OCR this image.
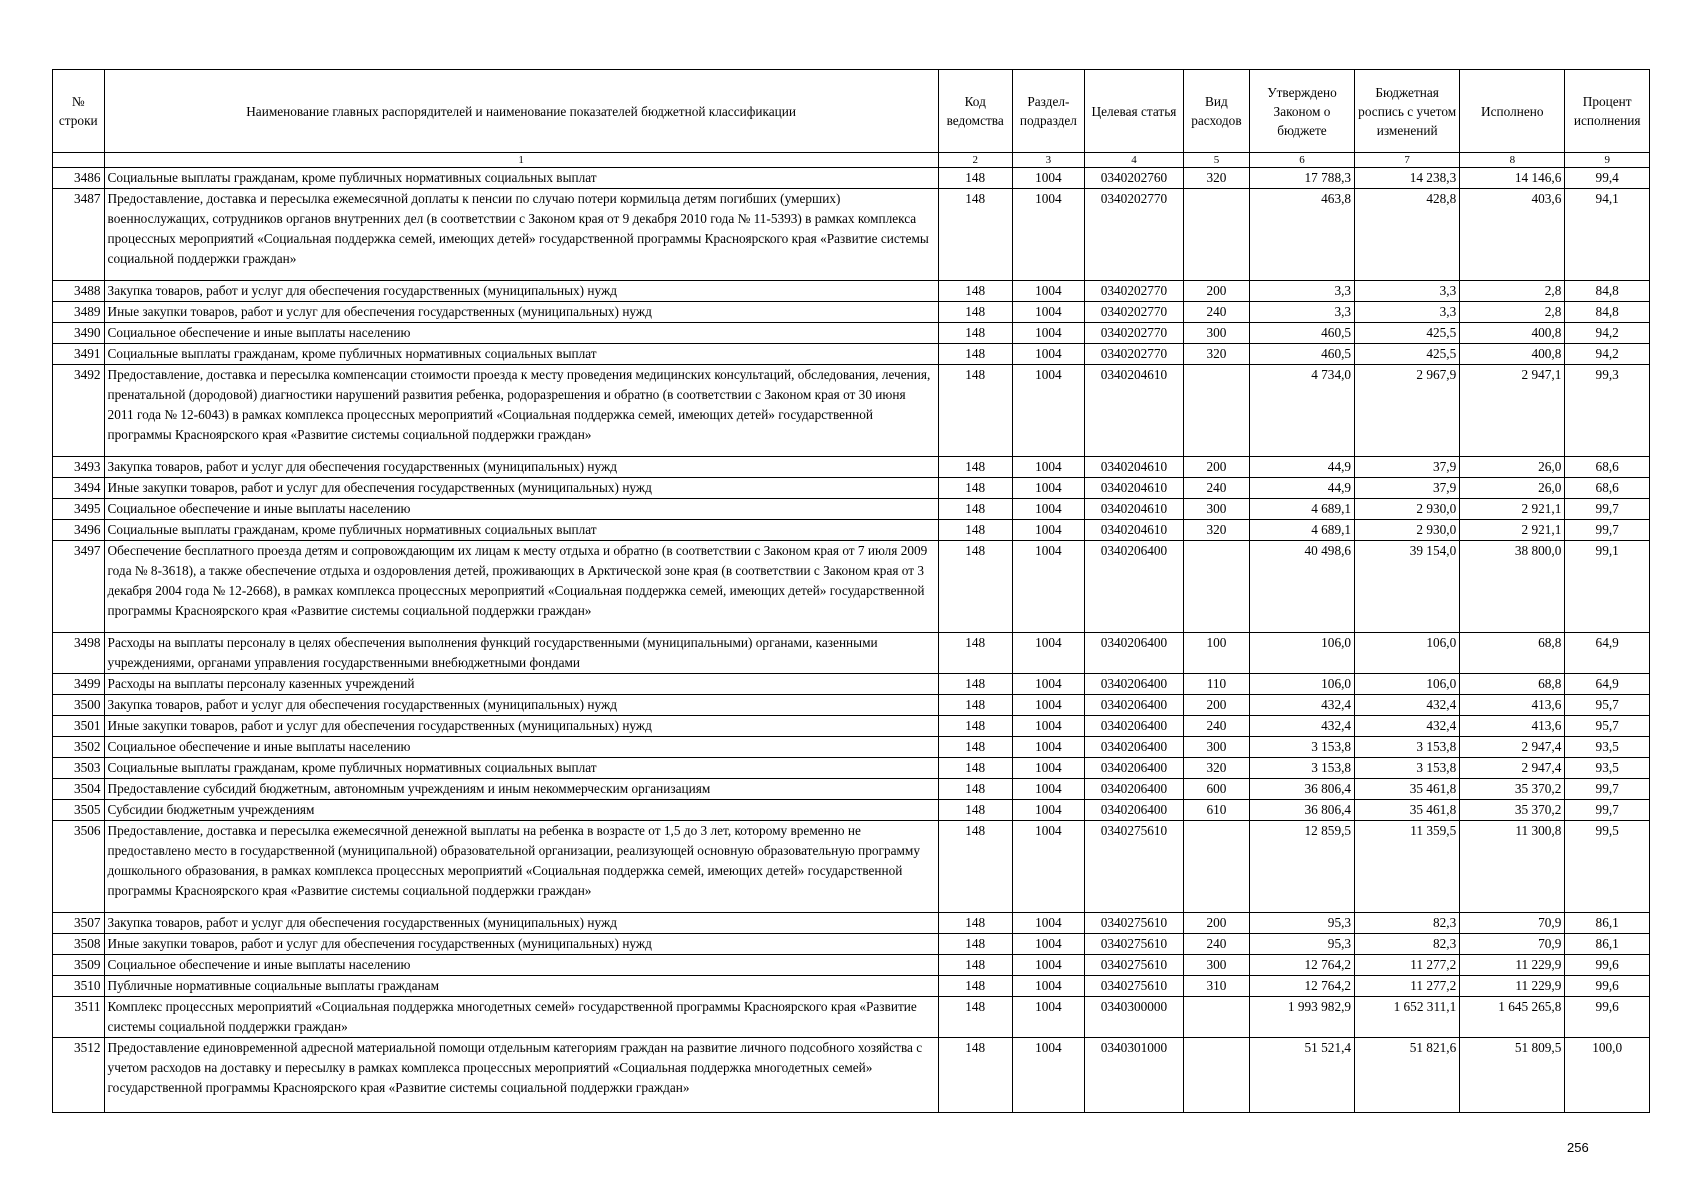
№ строки	Наименование главных распорядителей и наименование показателей бюджетной классификации	Код ведомства	Раздел-подраздел	Целевая статья	Вид расходов	Утверждено Законом о бюджете	Бюджетная роспись с учетом изменений	Исполнено	Процент исполнения
	1	2	3	4	5	6	7	8	9
3486	Социальные выплаты гражданам, кроме публичных нормативных социальных выплат	148	1004	0340202760	320	17 788,3	14 238,3	14 146,6	99,4
3487	Предоставление, доставка и пересылка ежемесячной доплаты к пенсии по случаю потери кормильца детям погибших (умерших) военнослужащих, сотрудников органов внутренних дел (в соответствии с Законом края от 9 декабря 2010 года № 11-5393) в рамках комплекса процессных мероприятий «Социальная поддержка семей, имеющих детей» государственной программы Красноярского края «Развитие системы социальной поддержки граждан»	148	1004	0340202770		463,8	428,8	403,6	94,1
3488	Закупка товаров, работ и услуг для обеспечения государственных (муниципальных) нужд	148	1004	0340202770	200	3,3	3,3	2,8	84,8
3489	Иные закупки товаров, работ и услуг для обеспечения государственных (муниципальных) нужд	148	1004	0340202770	240	3,3	3,3	2,8	84,8
3490	Социальное обеспечение и иные выплаты населению	148	1004	0340202770	300	460,5	425,5	400,8	94,2
3491	Социальные выплаты гражданам, кроме публичных нормативных социальных выплат	148	1004	0340202770	320	460,5	425,5	400,8	94,2
3492	Предоставление, доставка и пересылка компенсации стоимости проезда к месту проведения медицинских консультаций, обследования, лечения, пренатальной (дородовой) диагностики нарушений развития ребенка, родоразрешения и обратно (в соответствии с Законом края от 30 июня 2011 года № 12-6043) в рамках комплекса процессных мероприятий «Социальная поддержка семей, имеющих детей» государственной программы Красноярского края «Развитие системы социальной поддержки граждан»	148	1004	0340204610		4 734,0	2 967,9	2 947,1	99,3
3493	Закупка товаров, работ и услуг для обеспечения государственных (муниципальных) нужд	148	1004	0340204610	200	44,9	37,9	26,0	68,6
3494	Иные закупки товаров, работ и услуг для обеспечения государственных (муниципальных) нужд	148	1004	0340204610	240	44,9	37,9	26,0	68,6
3495	Социальное обеспечение и иные выплаты населению	148	1004	0340204610	300	4 689,1	2 930,0	2 921,1	99,7
3496	Социальные выплаты гражданам, кроме публичных нормативных социальных выплат	148	1004	0340204610	320	4 689,1	2 930,0	2 921,1	99,7
3497	Обеспечение бесплатного проезда детям и сопровождающим их лицам к месту отдыха и обратно (в соответствии с Законом края от 7 июля 2009 года № 8-3618), а также обеспечение отдыха и оздоровления детей, проживающих в Арктической зоне края (в соответствии с Законом края от 3 декабря 2004 года № 12-2668), в рамках комплекса процессных мероприятий «Социальная поддержка семей, имеющих детей» государственной программы Красноярского края «Развитие системы социальной поддержки граждан»	148	1004	0340206400		40 498,6	39 154,0	38 800,0	99,1
3498	Расходы на выплаты персоналу в целях обеспечения выполнения функций государственными (муниципальными) органами, казенными учреждениями, органами управления государственными внебюджетными фондами	148	1004	0340206400	100	106,0	106,0	68,8	64,9
3499	Расходы на выплаты персоналу казенных учреждений	148	1004	0340206400	110	106,0	106,0	68,8	64,9
3500	Закупка товаров, работ и услуг для обеспечения государственных (муниципальных) нужд	148	1004	0340206400	200	432,4	432,4	413,6	95,7
3501	Иные закупки товаров, работ и услуг для обеспечения государственных (муниципальных) нужд	148	1004	0340206400	240	432,4	432,4	413,6	95,7
3502	Социальное обеспечение и иные выплаты населению	148	1004	0340206400	300	3 153,8	3 153,8	2 947,4	93,5
3503	Социальные выплаты гражданам, кроме публичных нормативных социальных выплат	148	1004	0340206400	320	3 153,8	3 153,8	2 947,4	93,5
3504	Предоставление субсидий бюджетным, автономным учреждениям и иным некоммерческим организациям	148	1004	0340206400	600	36 806,4	35 461,8	35 370,2	99,7
3505	Субсидии бюджетным учреждениям	148	1004	0340206400	610	36 806,4	35 461,8	35 370,2	99,7
3506	Предоставление, доставка и пересылка ежемесячной денежной выплаты на ребенка в возрасте от 1,5 до 3 лет, которому временно не предоставлено место в государственной (муниципальной) образовательной организации, реализующей основную образовательную программу дошкольного образования, в рамках комплекса процессных мероприятий «Социальная поддержка семей, имеющих детей» государственной программы Красноярского края «Развитие системы социальной поддержки граждан»	148	1004	0340275610		12 859,5	11 359,5	11 300,8	99,5
3507	Закупка товаров, работ и услуг для обеспечения государственных (муниципальных) нужд	148	1004	0340275610	200	95,3	82,3	70,9	86,1
3508	Иные закупки товаров, работ и услуг для обеспечения государственных (муниципальных) нужд	148	1004	0340275610	240	95,3	82,3	70,9	86,1
3509	Социальное обеспечение и иные выплаты населению	148	1004	0340275610	300	12 764,2	11 277,2	11 229,9	99,6
3510	Публичные нормативные социальные выплаты гражданам	148	1004	0340275610	310	12 764,2	11 277,2	11 229,9	99,6
3511	Комплекс процессных мероприятий «Социальная поддержка многодетных семей» государственной программы Красноярского края «Развитие системы социальной поддержки граждан»	148	1004	0340300000		1 993 982,9	1 652 311,1	1 645 265,8	99,6
3512	Предоставление единовременной адресной материальной помощи отдельным категориям граждан на развитие личного подсобного хозяйства с учетом расходов на доставку и пересылку в рамках комплекса процессных мероприятий «Социальная поддержка многодетных семей» государственной программы Красноярского края «Развитие системы социальной поддержки граждан»	148	1004	0340301000		51 521,4	51 821,6	51 809,5	100,0
256
